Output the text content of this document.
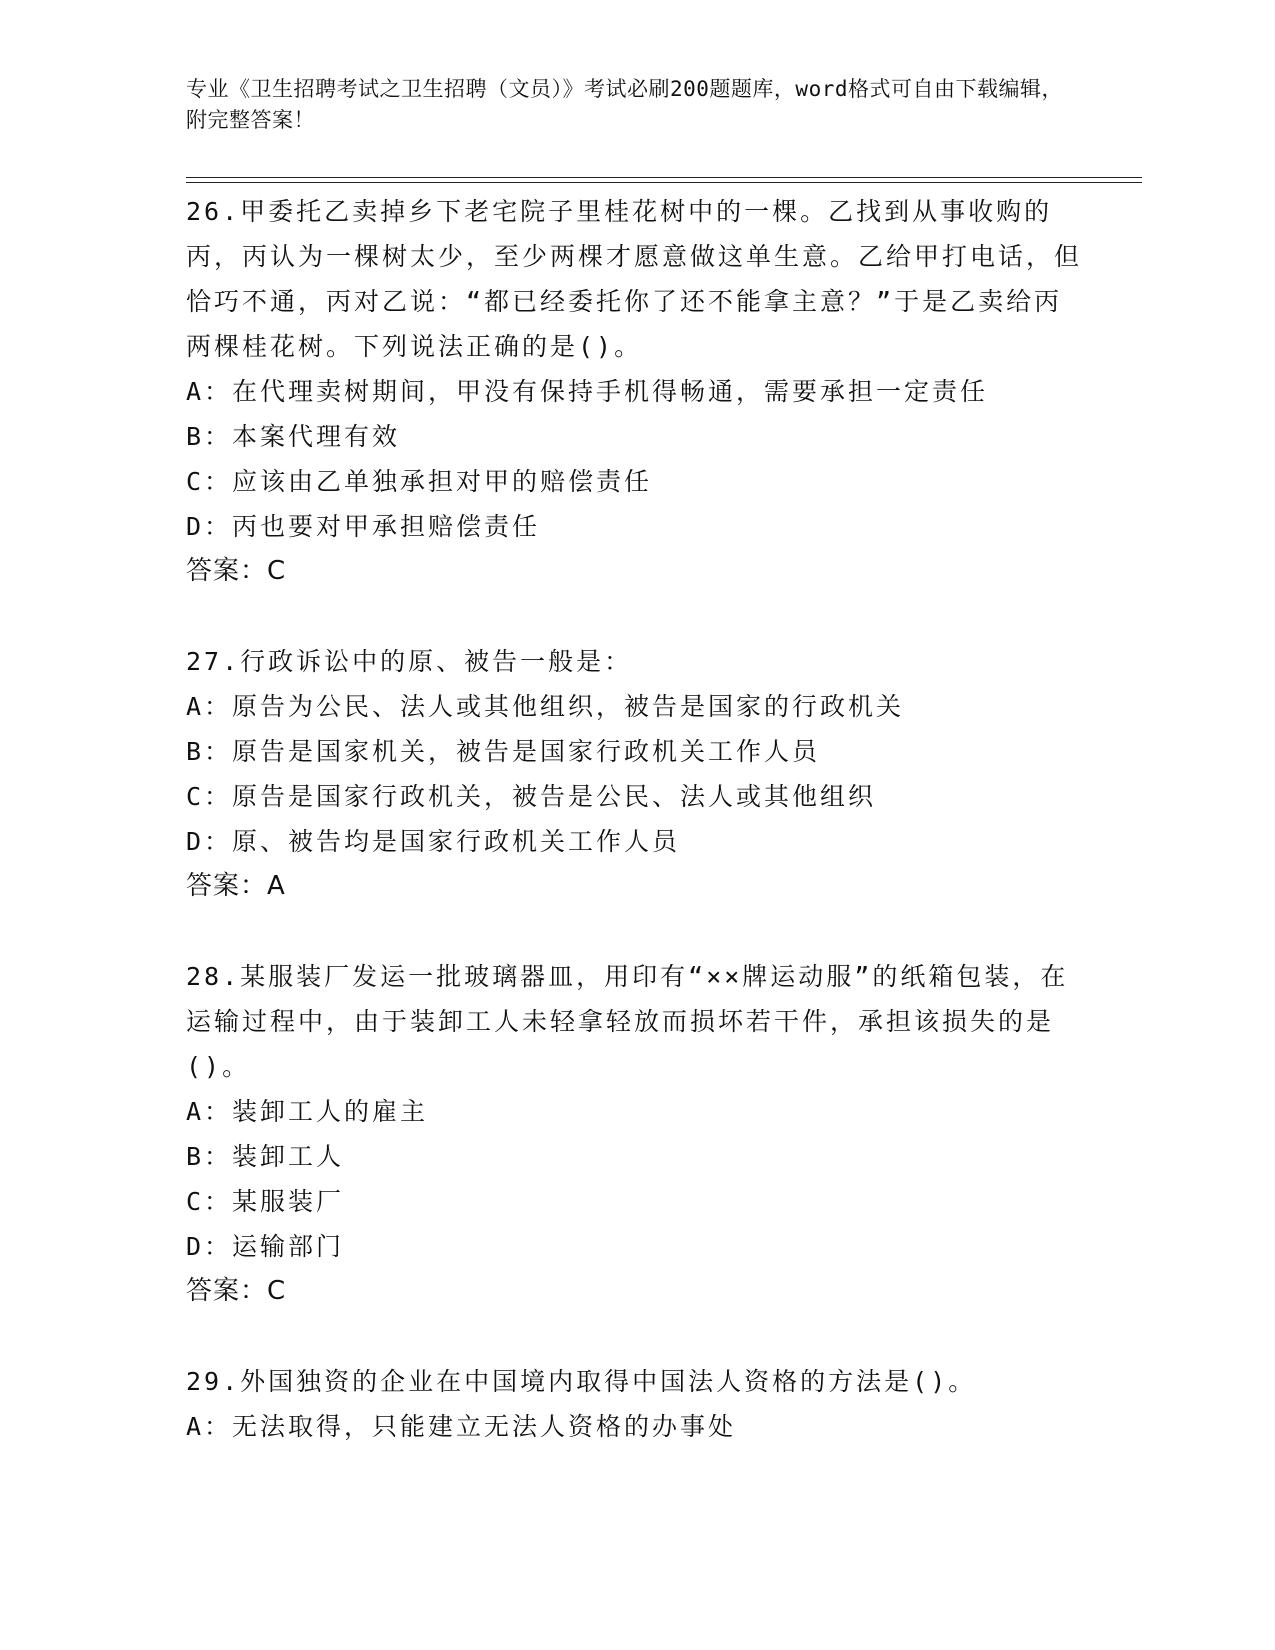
专业《卫生招聘考试之卫生招聘（文员）》考试必刷200题题库，word格式可自由下载编辑，附完整答案！
26.甲委托乙卖掉乡下老宅院子里桂花树中的一棵。乙找到从事收购的丙，丙认为一棵树太少，至少两棵才愿意做这单生意。乙给甲打电话，但恰巧不通，丙对乙说：“都已经委托你了还不能拿主意？”于是乙卖给丙两棵桂花树。下列说法正确的是()。
A：在代理卖树期间，甲没有保持手机得畅通，需要承担一定责任
B：本案代理有效
C：应该由乙单独承担对甲的赔偿责任
D：丙也要对甲承担赔偿责任
答案：C
27.行政诉讼中的原、被告一般是：
A：原告为公民、法人或其他组织，被告是国家的行政机关
B：原告是国家机关，被告是国家行政机关工作人员
C：原告是国家行政机关，被告是公民、法人或其他组织
D：原、被告均是国家行政机关工作人员
答案：A
28.某服装厂发运一批玻璃器皿，用印有“××牌运动服”的纸箱包装，在运输过程中，由于装卸工人未轻拿轻放而损坏若干件，承担该损失的是()。
A：装卸工人的雇主
B：装卸工人
C：某服装厂
D：运输部门
答案：C
29.外国独资的企业在中国境内取得中国法人资格的方法是()。
A：无法取得，只能建立无法人资格的办事处
